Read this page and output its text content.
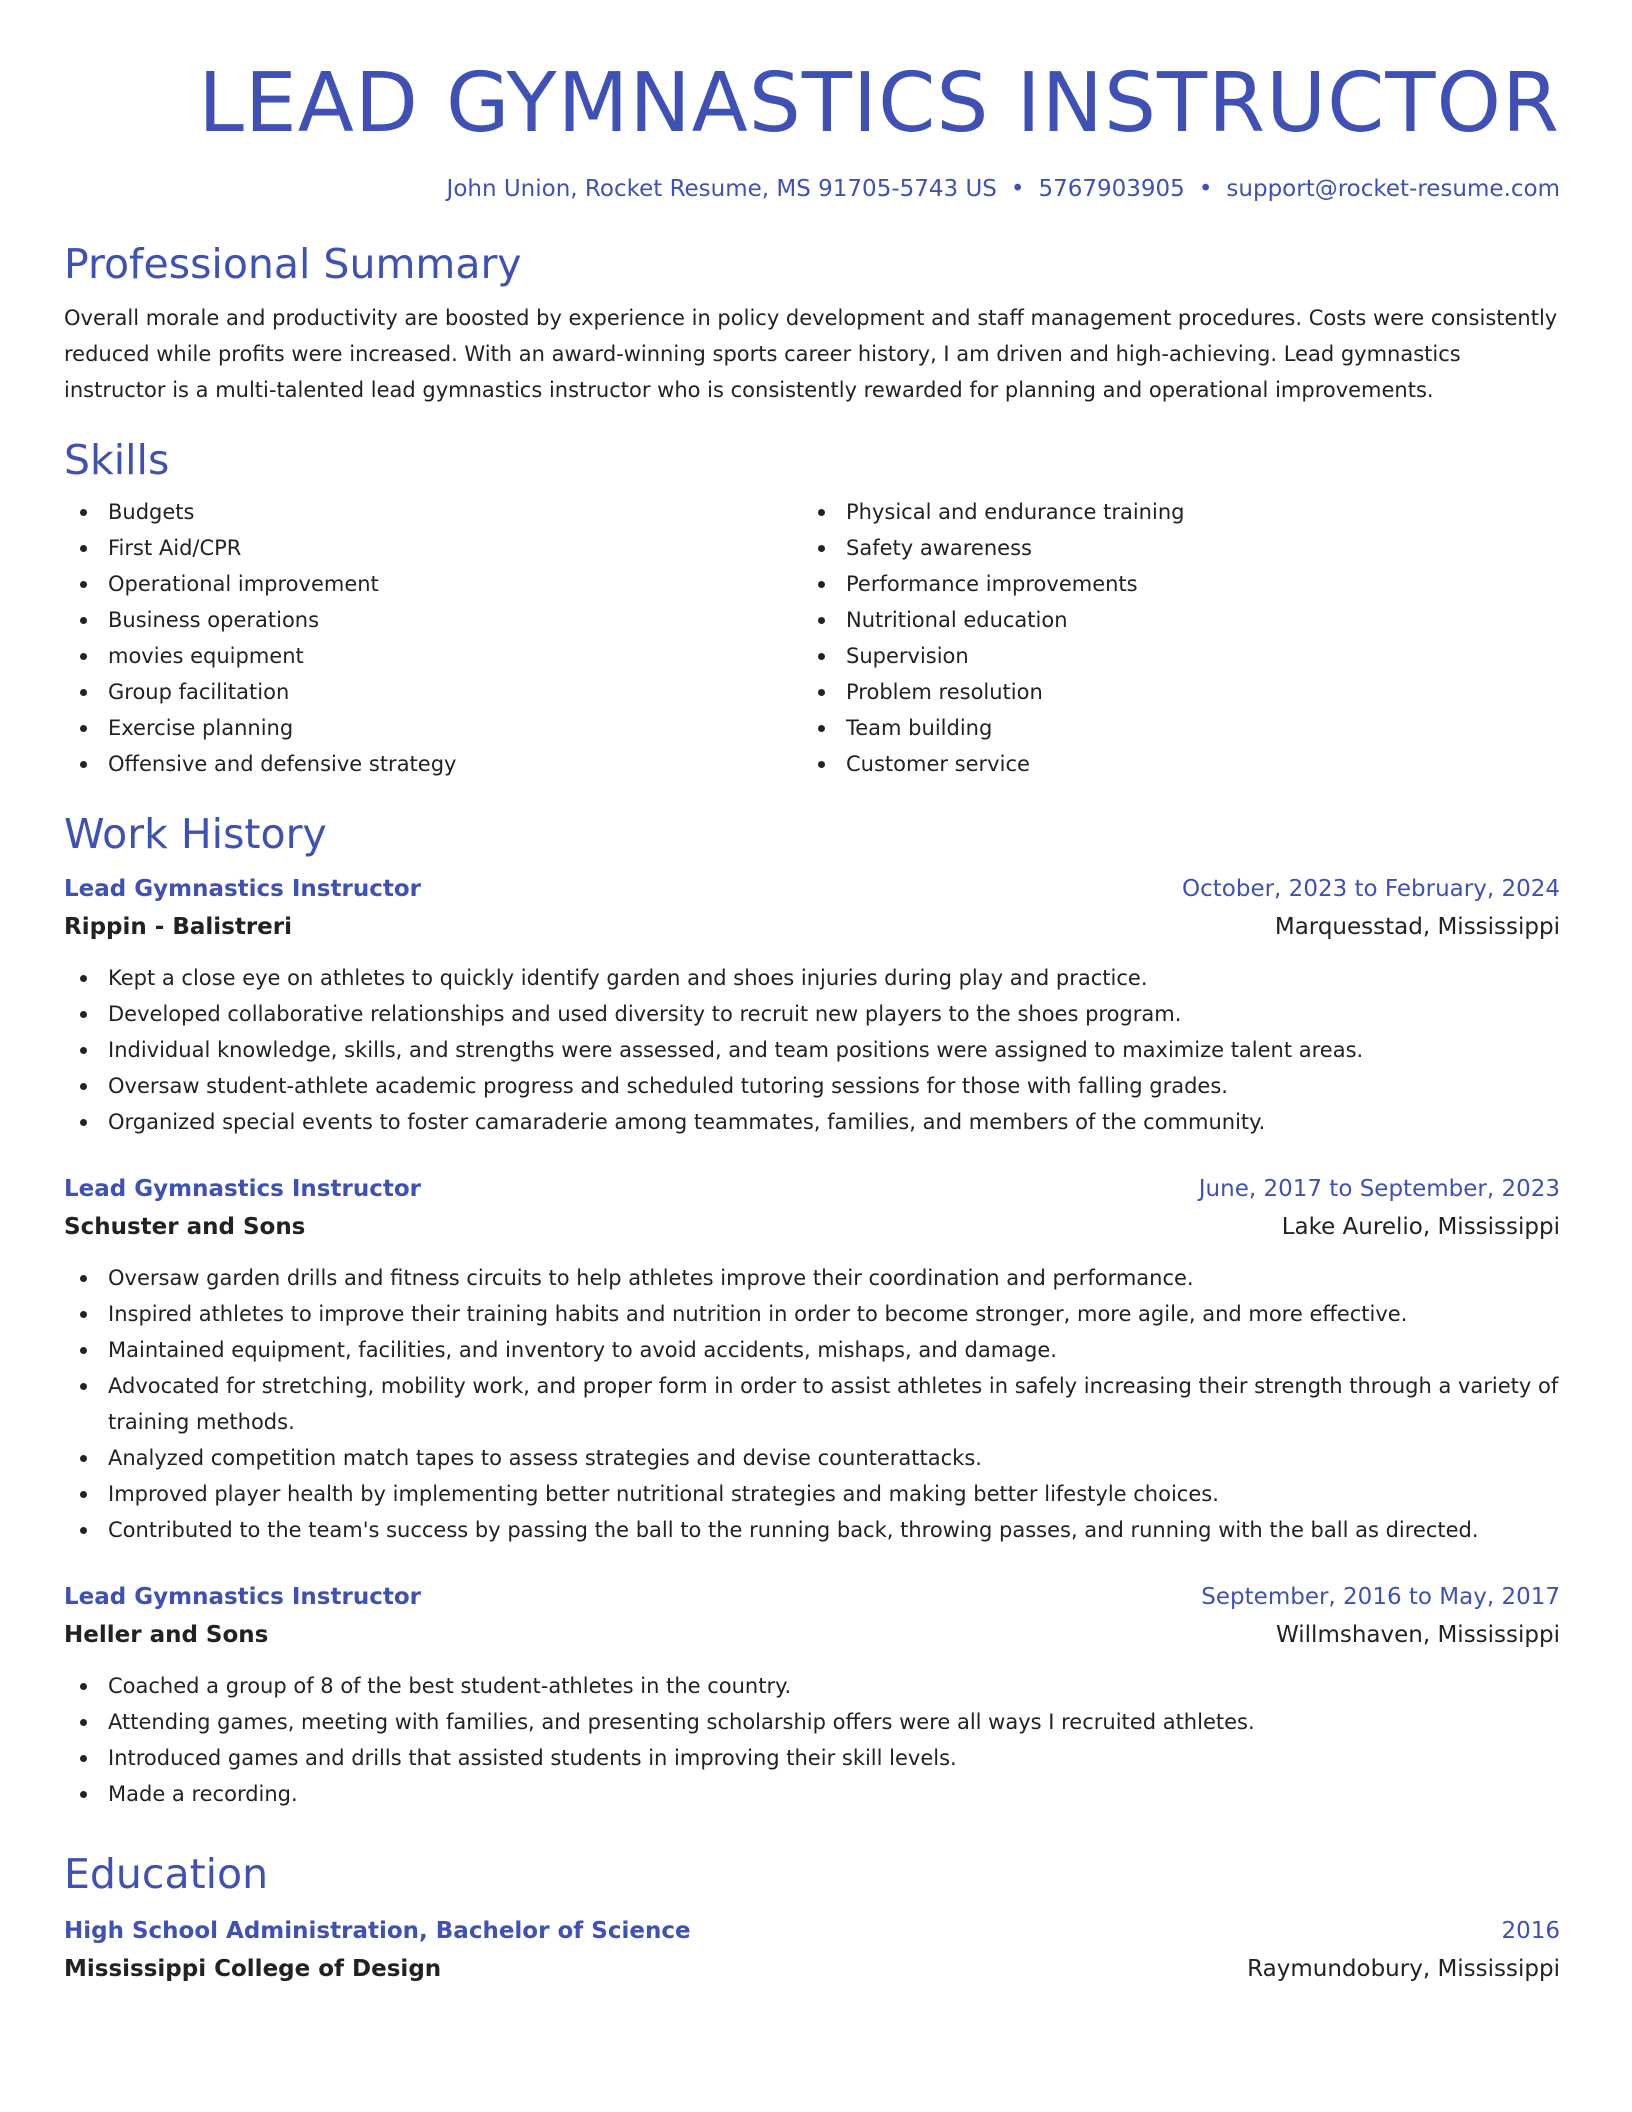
LEAD GYMNASTICS INSTRUCTOR
John Union, Rocket Resume, MS 91705-5743 US • 5767903905 • support@rocket-resume.com
Professional Summary

Overall morale and productivity are boosted by experience in policy development and staff management procedures. Costs were consistently reduced while profits were increased. With an award-winning sports career history, I am driven and high-achieving. Lead gymnastics instructor is a multi-talented lead gymnastics instructor who is consistently rewarded for planning and operational improvements.

Skills
Budgets
First Aid/CPR
Operational improvement
Business operations
movies equipment
Group facilitation
Exercise planning
Offensive and defensive strategy
Physical and endurance training
Safety awareness
Performance improvements
Nutritional education
Supervision
Problem resolution
Team building
Customer service
Work History
Lead Gymnastics Instructor	October, 2023 to February, 2024
Rippin - Balistreri	Marquesstad, Mississippi
Kept a close eye on athletes to quickly identify garden and shoes injuries during play and practice.
Developed collaborative relationships and used diversity to recruit new players to the shoes program.
Individual knowledge, skills, and strengths were assessed, and team positions were assigned to maximize talent areas.
Oversaw student-athlete academic progress and scheduled tutoring sessions for those with falling grades.
Organized special events to foster camaraderie among teammates, families, and members of the community.
Lead Gymnastics Instructor	June, 2017 to September, 2023
Schuster and Sons	Lake Aurelio, Mississippi
Oversaw garden drills and fitness circuits to help athletes improve their coordination and performance.
Inspired athletes to improve their training habits and nutrition in order to become stronger, more agile, and more effective.
Maintained equipment, facilities, and inventory to avoid accidents, mishaps, and damage.
Advocated for stretching, mobility work, and proper form in order to assist athletes in safely increasing their strength through a variety of training methods.
Analyzed competition match tapes to assess strategies and devise counterattacks.
Improved player health by implementing better nutritional strategies and making better lifestyle choices.
Contributed to the team's success by passing the ball to the running back, throwing passes, and running with the ball as directed.
Lead Gymnastics Instructor	September, 2016 to May, 2017
Heller and Sons	Willmshaven, Mississippi
Coached a group of 8 of the best student-athletes in the country.
Attending games, meeting with families, and presenting scholarship offers were all ways I recruited athletes.
Introduced games and drills that assisted students in improving their skill levels.
Made a recording.
Education
High School Administration, Bachelor of Science	2016
Mississippi College of Design	Raymundobury, Mississippi
